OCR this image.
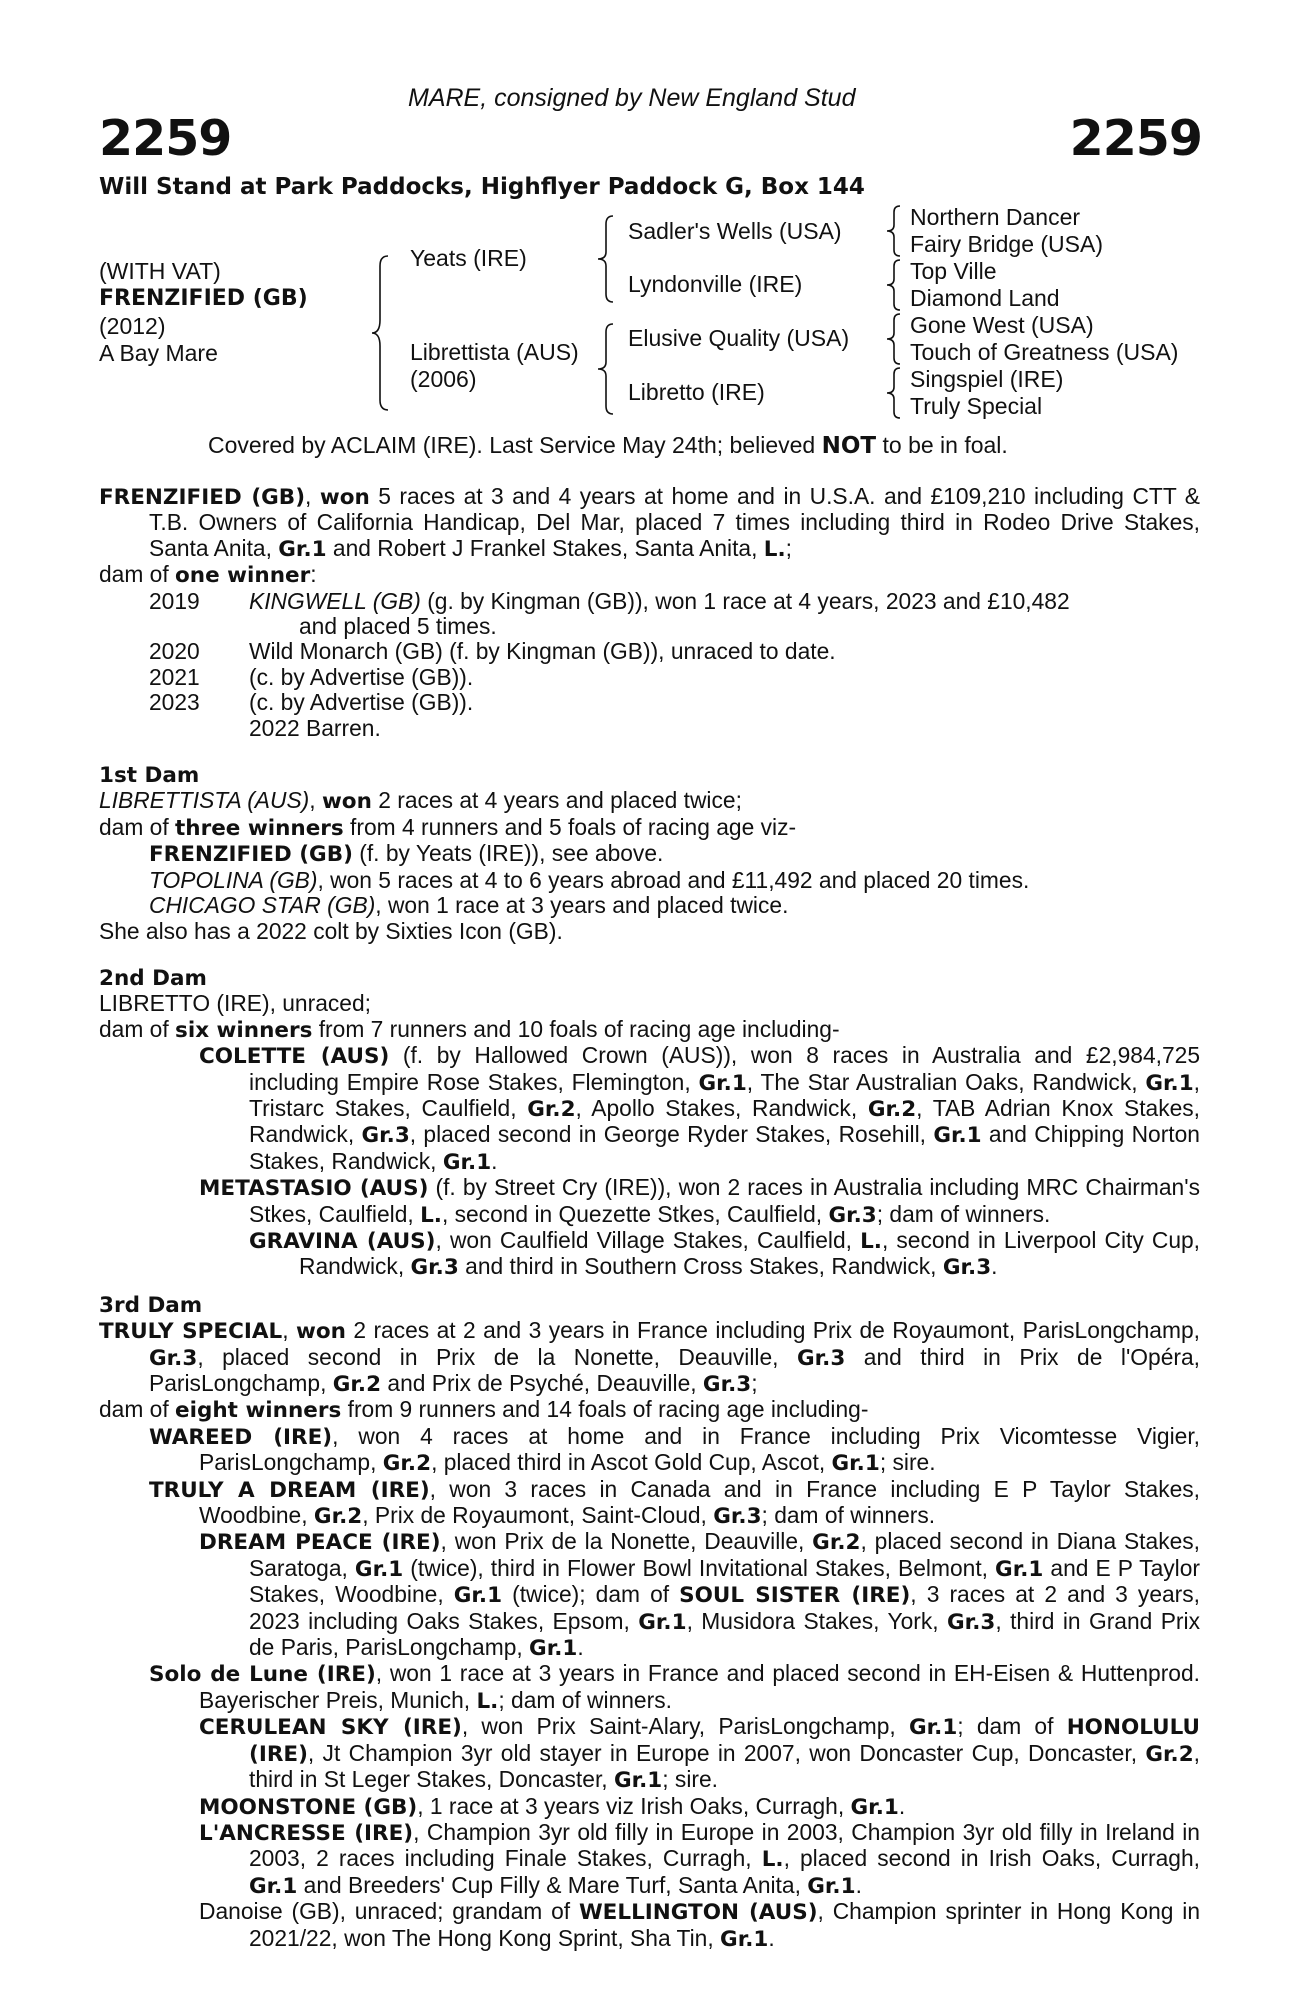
MARE, consigned by New England Stud
2259	2259
Will Stand at Park Paddocks, Highflyer Paddock G, Box 144
(WITH VAT)
FRENZIFIED (GB)
(2012)
A Bay Mare
Yeats (IRE)
Librettista (AUS)
(2006)
Sadler's Wells (USA)
Lyndonville (IRE)
Elusive Quality (USA)
Libretto (IRE)
Northern Dancer
Fairy Bridge (USA)
Top Ville
Diamond Land
Gone West (USA)
Touch of Greatness (USA)
Singspiel (IRE)
Truly Special
Covered by ACLAIM (IRE). Last Service May 24th; believed NOT to be in foal.

FRENZIFIED (GB), won 5 races at 3 and 4 years at home and in U.S.A. and £109,210 including CTT & T.B. Owners of California Handicap, Del Mar, placed 7 times including third in Rodeo Drive Stakes, Santa Anita, Gr.1 and Robert J Frankel Stakes, Santa Anita, L.;

dam of one winner:

2019	KINGWELL (GB) (g. by Kingman (GB)), won 1 race at 4 years, 2023 and £10,482
and placed 5 times.
2020	Wild Monarch (GB) (f. by Kingman (GB)), unraced to date.
2021	(c. by Advertise (GB)).
2023	(c. by Advertise (GB)).
2022 Barren.
1st Dam

LIBRETTISTA (AUS), won 2 races at 4 years and placed twice;

dam of three winners from 4 runners and 5 foals of racing age viz-

FRENZIFIED (GB) (f. by Yeats (IRE)), see above.

TOPOLINA (GB), won 5 races at 4 to 6 years abroad and £11,492 and placed 20 times.

CHICAGO STAR (GB), won 1 race at 3 years and placed twice.

She also has a 2022 colt by Sixties Icon (GB).

2nd Dam

LIBRETTO (IRE), unraced;

dam of six winners from 7 runners and 10 foals of racing age including-

COLETTE (AUS) (f. by Hallowed Crown (AUS)), won 8 races in Australia and £2,984,725 including Empire Rose Stakes, Flemington, Gr.1, The Star Australian Oaks, Randwick, Gr.1, Tristarc Stakes, Caulfield, Gr.2, Apollo Stakes, Randwick, Gr.2, TAB Adrian Knox Stakes, Randwick, Gr.3, placed second in George Ryder Stakes, Rosehill, Gr.1 and Chipping Norton Stakes, Randwick, Gr.1.

METASTASIO (AUS) (f. by Street Cry (IRE)), won 2 races in Australia including MRC Chairman's Stkes, Caulfield, L., second in Quezette Stkes, Caulfield, Gr.3; dam of winners.

GRAVINA (AUS), won Caulfield Village Stakes, Caulfield, L., second in Liverpool City Cup, Randwick, Gr.3 and third in Southern Cross Stakes, Randwick, Gr.3.

3rd Dam

TRULY SPECIAL, won 2 races at 2 and 3 years in France including Prix de Royaumont, ParisLongchamp, Gr.3, placed second in Prix de la Nonette, Deauville, Gr.3 and third in Prix de l'Opéra, ParisLongchamp, Gr.2 and Prix de Psyché, Deauville, Gr.3;

dam of eight winners from 9 runners and 14 foals of racing age including-

WAREED (IRE), won 4 races at home and in France including Prix Vicomtesse Vigier, ParisLongchamp, Gr.2, placed third in Ascot Gold Cup, Ascot, Gr.1; sire.

TRULY A DREAM (IRE), won 3 races in Canada and in France including E P Taylor Stakes, Woodbine, Gr.2, Prix de Royaumont, Saint-Cloud, Gr.3; dam of winners.

DREAM PEACE (IRE), won Prix de la Nonette, Deauville, Gr.2, placed second in Diana Stakes, Saratoga, Gr.1 (twice), third in Flower Bowl Invitational Stakes, Belmont, Gr.1 and E P Taylor Stakes, Woodbine, Gr.1 (twice); dam of SOUL SISTER (IRE), 3 races at 2 and 3 years, 2023 including Oaks Stakes, Epsom, Gr.1, Musidora Stakes, York, Gr.3, third in Grand Prix de Paris, ParisLongchamp, Gr.1.

Solo de Lune (IRE), won 1 race at 3 years in France and placed second in EH-Eisen & Huttenprod. Bayerischer Preis, Munich, L.; dam of winners.

CERULEAN SKY (IRE), won Prix Saint-Alary, ParisLongchamp, Gr.1; dam of HONOLULU (IRE), Jt Champion 3yr old stayer in Europe in 2007, won Doncaster Cup, Doncaster, Gr.2, third in St Leger Stakes, Doncaster, Gr.1; sire.

MOONSTONE (GB), 1 race at 3 years viz Irish Oaks, Curragh, Gr.1.

L'ANCRESSE (IRE), Champion 3yr old filly in Europe in 2003, Champion 3yr old filly in Ireland in 2003, 2 races including Finale Stakes, Curragh, L., placed second in Irish Oaks, Curragh, Gr.1 and Breeders' Cup Filly & Mare Turf, Santa Anita, Gr.1.

Danoise (GB), unraced; grandam of WELLINGTON (AUS), Champion sprinter in Hong Kong in 2021/22, won The Hong Kong Sprint, Sha Tin, Gr.1.
